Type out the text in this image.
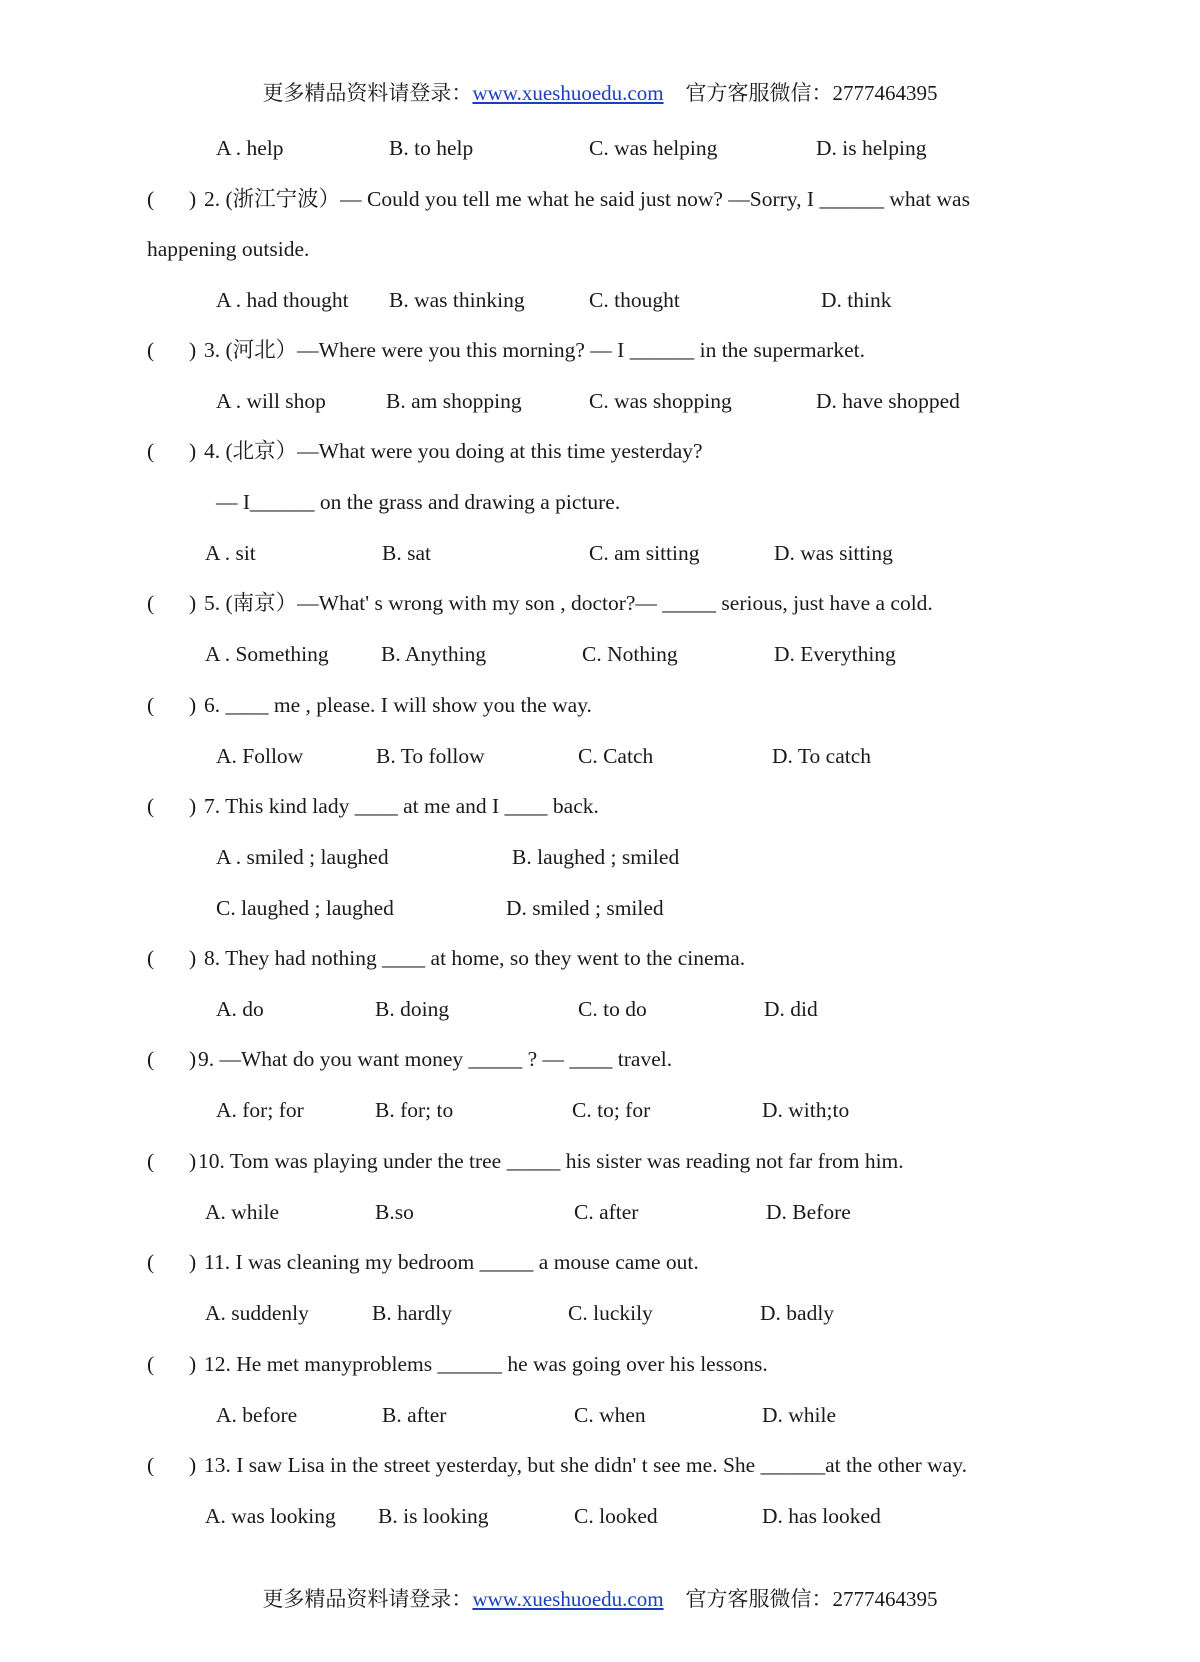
更多精品资料请登录：www.xueshuoedu.com 官方客服微信：2777464395
A . help	B. to help	C. was helping	D. is helping
( ) 2. (浙江宁波）— Could you tell me what he said just now? —Sorry, I ______ what was
happening outside.
A . had thought B. was thinking	C. thought	D. think
( ) 3. (河北）—Where were you this morning? — I ______ in the supermarket.
A . will shop	B. am shopping	C. was shopping	D. have shopped
( ) 4. (北京）—What were you doing at this time yesterday?
— I______ on the grass and drawing a picture.
A . sit	B. sat	C. am sitting	D. was sitting
( ) 5. (南京）—What' s wrong with my son , doctor?— _____ serious, just have a cold.
A . Something B. Anything	C. Nothing	D. Everything
( ) 6. ____ me , please. I will show you the way.
A. Follow	B. To follow	C. Catch	D. To catch
( ) 7. This kind lady ____ at me and I ____ back.
A . smiled ; laughed	B. laughed ; smiled
C. laughed ; laughed	D. smiled ; smiled
( ) 8. They had nothing ____ at home, so they went to the cinema.
A. do	B. doing	C. to do	D. did
( ) 9. —What do you want money _____ ? — ____ travel.
A. for; for	B. for; to	C. to; for	D. with;to
( ) 10. Tom was playing under the tree _____ his sister was reading not far from him.
A. while	B.so	C. after	D. Before
( ) 11. I was cleaning my bedroom _____ a mouse came out.
A. suddenly	B. hardly	C. luckily	D. badly
( ) 12. He met manyproblems ______ he was going over his lessons.
A. before	B. after	C. when	D. while
( ) 13. I saw Lisa in the street yesterday, but she didn' t see me. She ______at the other way.
A. was looking B. is looking	C. looked	D. has looked
更多精品资料请登录：www.xueshuoedu.com 官方客服微信：2777464395
